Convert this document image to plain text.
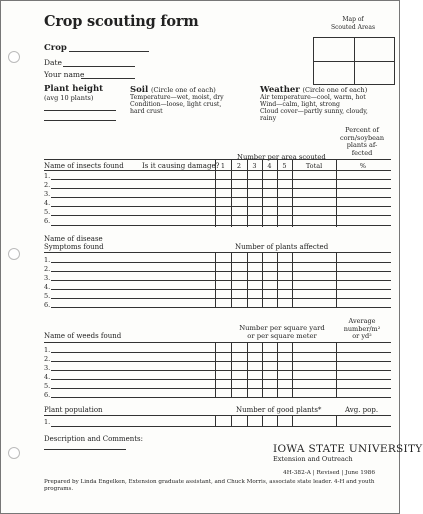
Crop scouting form	Map of
Scouted Areas
Crop
Date
Your name
Plant height
(avg 10 plants)
Soil (Circle one of each)
Temperature—wet, moist, dry
Condition—loose, light crust,
hard crust
Weather (Circle one of each)
Air temperature—cool, warm, hot
Wind—calm, light, strong
Cloud cover—partly sunny, cloudy,
rainy
Percent of
corn/soybean
plants af-
fected
Number per area scouted
Name of insects found	Is it causing damage? 1	2	3	4	5	Total	%
1.
2.
3.
4.
5.
6.
Name of disease
Symptoms found	Number of plants affected
1.
2.
3.
4.
5.
6.
Average
number/m²
or yd²
Number per square yard
or per square meter
Name of weeds found
1.
2.
3.
4.
5.
6.
Plant population	Number of good plants*	Avg. pop.
1.
Description and Comments:
IOWA STATE UNIVERSITY
Extension and Outreach
4H-382-A | Revised | June 1986
Prepared by Linda Engelken, Extension graduate assistant, and Chuck Morris, associate state leader. 4-H and youth programs.
